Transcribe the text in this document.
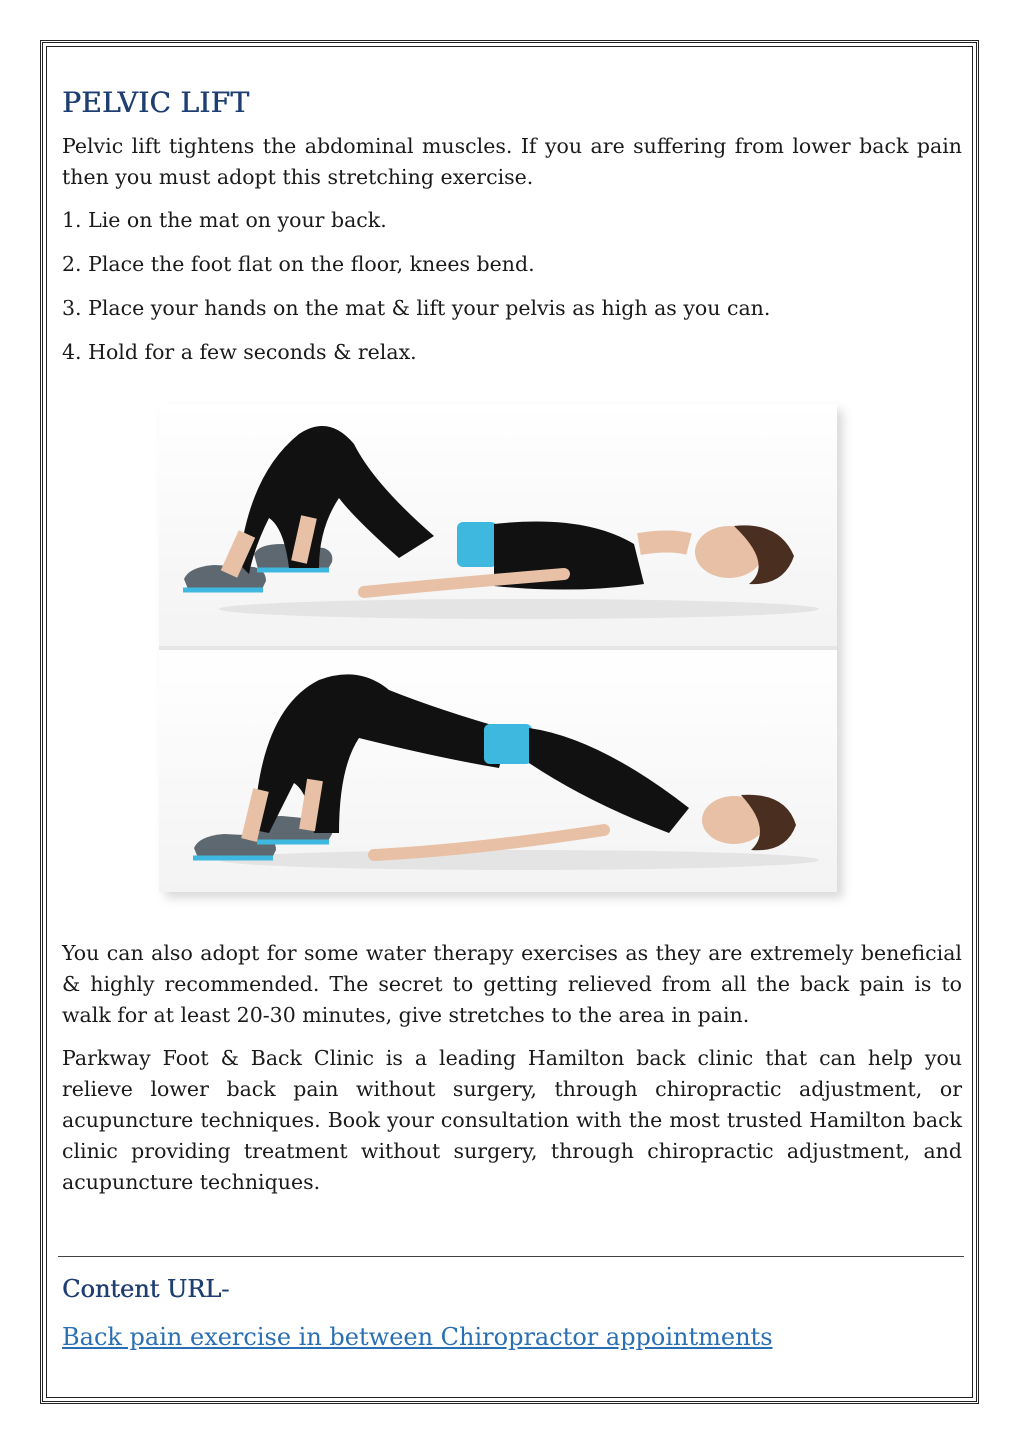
PELVIC LIFT

Pelvic lift tightens the abdominal muscles. If you are suffering from lower back pain then you must adopt this stretching exercise.

1. Lie on the mat on your back.

2. Place the foot flat on the floor, knees bend.

3. Place your hands on the mat & lift your pelvis as high as you can.

4. Hold for a few seconds & relax.

You can also adopt for some water therapy exercises as they are extremely beneficial & highly recommended. The secret to getting relieved from all the back pain is to walk for at least 20-30 minutes, give stretches to the area in pain.

Parkway Foot & Back Clinic is a leading Hamilton back clinic that can help you relieve lower back pain without surgery, through chiropractic adjustment, or acupuncture techniques. Book your consultation with the most trusted Hamilton back clinic providing treatment without surgery, through chiropractic adjustment, and acupuncture techniques.

Content URL-
Back pain exercise in between Chiropractor appointments
